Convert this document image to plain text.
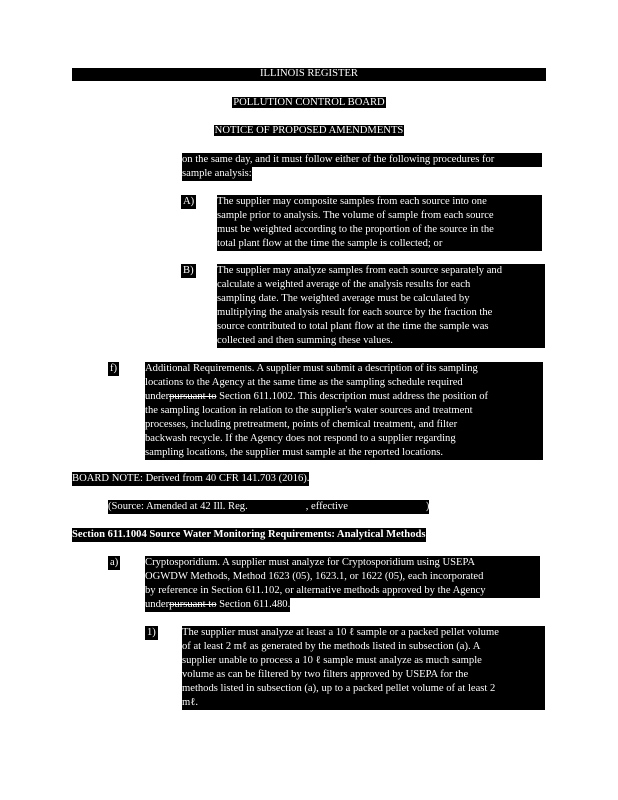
ILLINOIS REGISTER
POLLUTION CONTROL BOARD
NOTICE OF PROPOSED AMENDMENTS
on the same day, and it must follow either of the following procedures for
sample analysis:
A) The supplier may composite samples from each source into one
sample prior to analysis. The volume of sample from each source
must be weighted according to the proportion of the source in the
total plant flow at the time the sample is collected; or
B) The supplier may analyze samples from each source separately and
calculate a weighted average of the analysis results for each
sampling date. The weighted average must be calculated by
multiplying the analysis result for each source by the fraction the
source contributed to total plant flow at the time the sample was
collected and then summing these values.
f)	Additional Requirements. A supplier must submit a description of its sampling
locations to the Agency at the same time as the sampling schedule required
underpursuant to Section 611.1002. This description must address the position of
the sampling location in relation to the supplier's water sources and treatment
processes, including pretreatment, points of chemical treatment, and filter
backwash recycle. If the Agency does not respond to a supplier regarding
sampling locations, the supplier must sample at the reported locations.
BOARD NOTE: Derived from 40 CFR 141.703 (2016).
(Source: Amended at 42 Ill. Reg.	, effective	)
Section 611.1004 Source Water Monitoring Requirements: Analytical Methods
a)	Cryptosporidium. A supplier must analyze for Cryptosporidium using USEPA
OGWDW Methods, Method 1623 (05), 1623.1, or 1622 (05), each incorporated
by reference in Section 611.102, or alternative methods approved by the Agency
underpursuant to Section 611.480.
1) The supplier must analyze at least a 10 ℓ sample or a packed pellet volume
of at least 2 mℓ as generated by the methods listed in subsection (a). A
supplier unable to process a 10 ℓ sample must analyze as much sample
volume as can be filtered by two filters approved by USEPA for the
methods listed in subsection (a), up to a packed pellet volume of at least 2
mℓ.
